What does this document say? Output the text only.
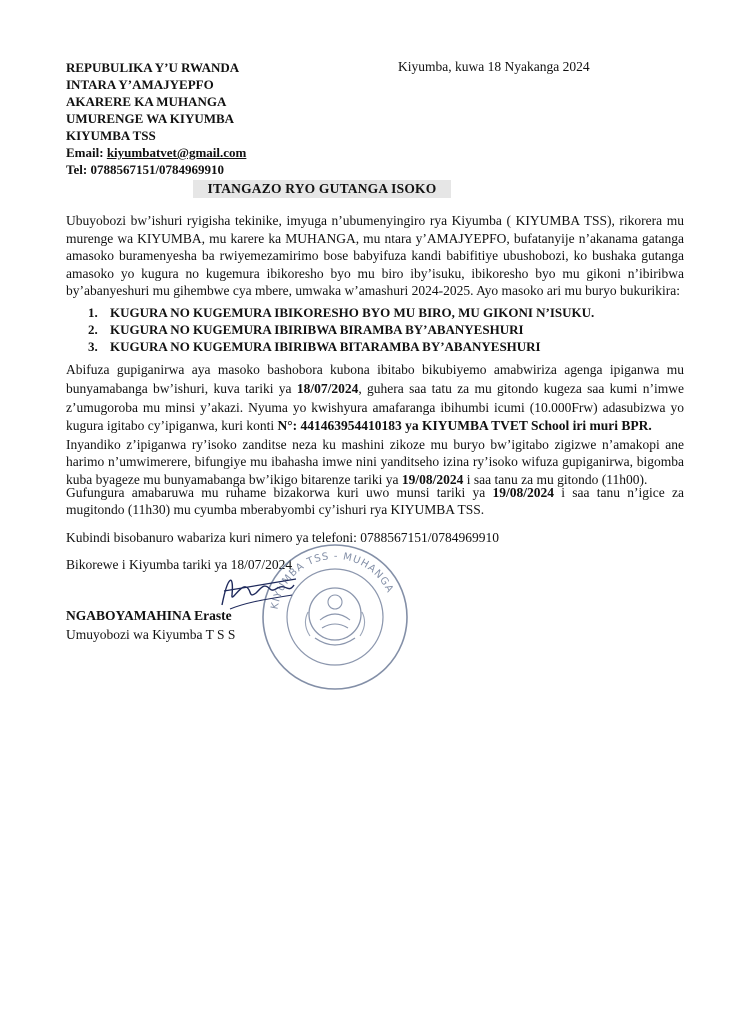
REPUBULIKA Y’U RWANDA
INTARA Y’AMAJYEPFO
AKARERE KA MUHANGA
UMURENGE WA KIYUMBA
KIYUMBA TSS
Email: kiyumbatvet@gmail.com
Tel: 0788567151/0784969910
Kiyumba, kuwa 18 Nyakanga 2024
ITANGAZO RYO GUTANGA ISOKO
Ubuyobozi bw’ishuri ryigisha tekinike, imyuga n’ubumenyingiro rya Kiyumba ( KIYUMBA TSS), rikorera mu murenge wa KIYUMBA, mu karere ka MUHANGA, mu ntara y’AMAJYEPFO, bufatanyije n’akanama gatanga amasoko buramenyesha ba rwiyemezamirimo bose babyifuza kandi babifitiye ubushobozi, ko bushaka gutanga amasoko yo kugura no kugemura ibikoresho byo mu biro iby’isuku, ibikoresho byo mu gikoni n’ibiribwa by’abanyeshuri mu gihembwe cya mbere, umwaka w’amashuri 2024-2025. Ayo masoko ari mu buryo bukurikira:
1. KUGURA NO KUGEMURA IBIKORESHO BYO MU BIRO, MU GIKONI N’ISUKU.
2. KUGURA NO KUGEMURA IBIRIBWA BIRAMBA BY’ABANYESHURI
3. KUGURA NO KUGEMURA IBIRIBWA BITARAMBA BY’ABANYESHURI
Abifuza gupiganirwa aya masoko bashobora kubona ibitabo bikubiyemo amabwiriza agenga ipiganwa mu bunyamabanga bw’ishuri, kuva tariki ya 18/07/2024, guhera saa tatu za mu gitondo kugeza saa kumi n’imwe z’umugoroba mu minsi y’akazi. Nyuma yo kwishyura amafaranga ibihumbi icumi (10.000Frw) adasubizwa yo kugura igitabo cy’ipiganwa, kuri konti N°: 441463954410183 ya KIYUMBA TVET School iri muri BPR.
Inyandiko z’ipiganwa ry’isoko zanditse neza ku mashini zikoze mu buryo bw’igitabo zigizwe n’amakopi ane harimo n’umwimerere, bifungiye mu ibahasha imwe nini yanditseho izina ry’isoko wifuza gupiganirwa, bigomba kuba byageze mu bunyamabanga bw’ikigo bitarenze tariki ya 19/08/2024 i saa tanu za mu gitondo (11h00).
Gufungura amabaruwa mu ruhame bizakorwa kuri uwo munsi tariki ya 19/08/2024 i saa tanu n’igice za mugitondo (11h30) mu cyumba mberabyombi cy’ishuri rya KIYUMBA TSS.
Kubindi bisobanuro wabariza kuri nimero ya telefoni: 0788567151/0784969910
Bikorewe i Kiyumba tariki ya 18/07/2024
KIYUMBA TSS - MUHANGA
NGABOYAMAHINA Eraste
Umuyobozi wa Kiyumba T S S
